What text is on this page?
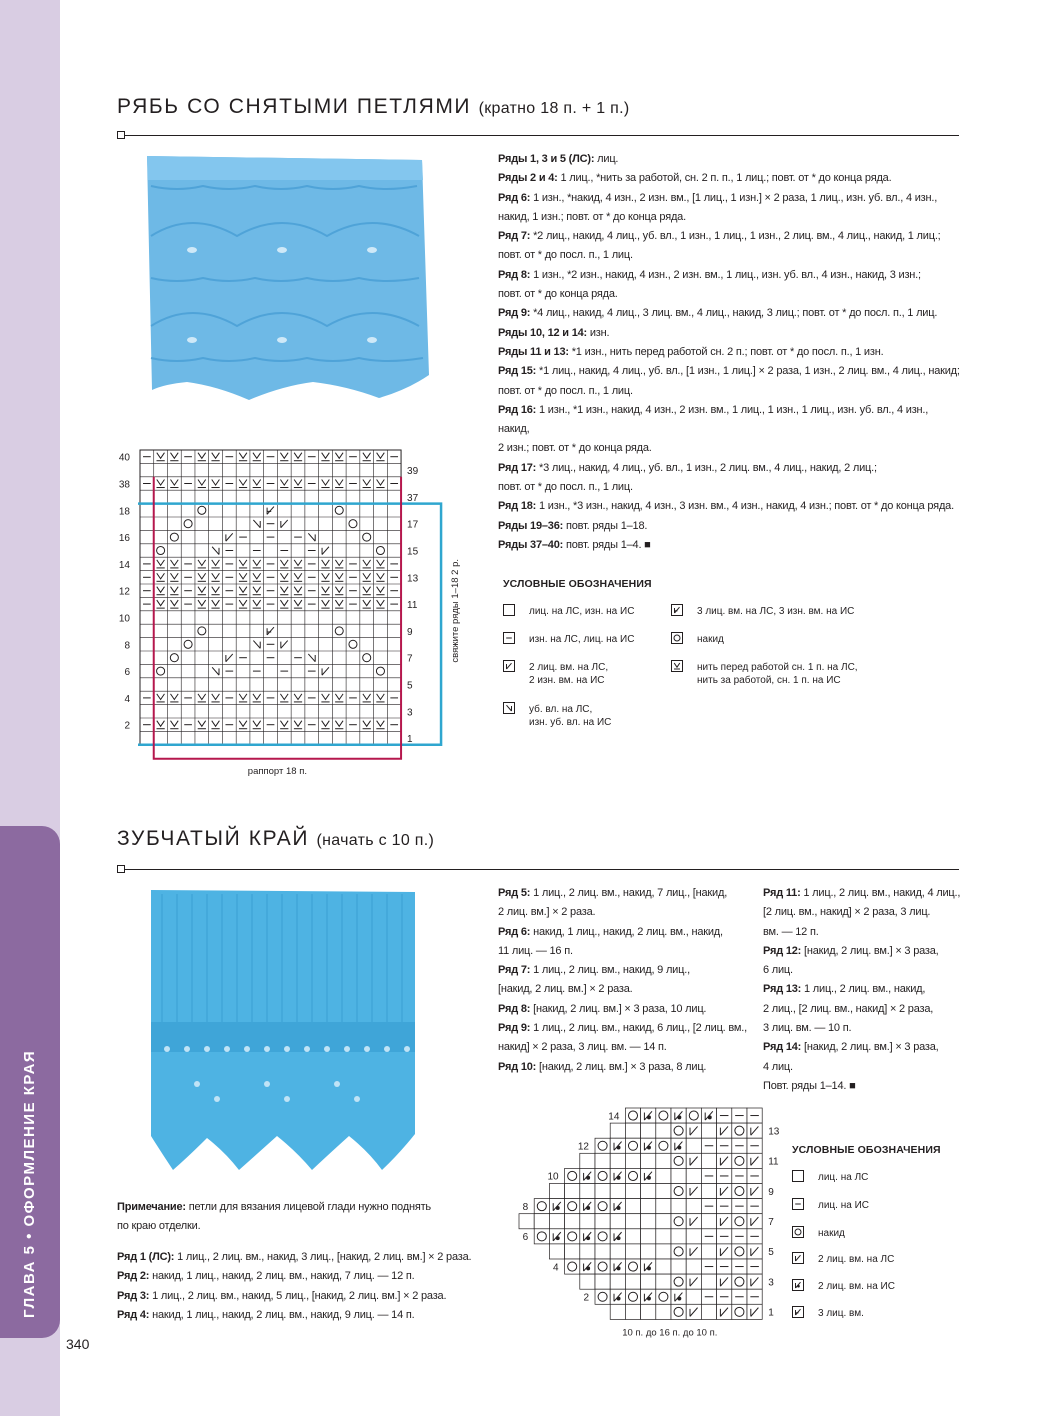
ГЛАВА 5 • ОФОРМЛЕНИЕ КРАЯ
340
РЯБЬ СО СНЯТЫМИ ПЕТЛЯМИ (кратно 18 п. + 1 п.)

Ряды 1, 3 и 5 (ЛС): лиц.

Ряды 2 и 4: 1 лиц., *нить за работой, сн. 2 п. п., 1 лиц.; повт. от * до конца ряда.

Ряд 6: 1 изн., *накид, 4 изн., 2 изн. вм., [1 лиц., 1 изн.] × 2 раза, 1 лиц., изн. уб. вл., 4 изн.,

накид, 1 изн.; повт. от * до конца ряда.

Ряд 7: *2 лиц., накид, 4 лиц., уб. вл., 1 изн., 1 лиц., 1 изн., 2 лиц. вм., 4 лиц., накид, 1 лиц.;

повт. от * до посл. п., 1 лиц.

Ряд 8: 1 изн., *2 изн., накид, 4 изн., 2 изн. вм., 1 лиц., изн. уб. вл., 4 изн., накид, 3 изн.;

повт. от * до конца ряда.

Ряд 9: *4 лиц., накид, 4 лиц., 3 лиц. вм., 4 лиц., накид, 3 лиц.; повт. от * до посл. п., 1 лиц.

Ряды 10, 12 и 14: изн.

Ряды 11 и 13: *1 изн., нить перед работой сн. 2 п.; повт. от * до посл. п., 1 изн.

Ряд 15: *1 лиц., накид, 4 лиц., уб. вл., [1 изн., 1 лиц.] × 2 раза, 1 изн., 2 лиц. вм., 4 лиц., накид;

повт. от * до посл. п., 1 лиц.

Ряд 16: 1 изн., *1 изн., накид, 4 изн., 2 изн. вм., 1 лиц., 1 изн., 1 лиц., изн. уб. вл., 4 изн., накид,

2 изн.; повт. от * до конца ряда.

Ряд 17: *3 лиц., накид, 4 лиц., уб. вл., 1 изн., 2 лиц. вм., 4 лиц., накид, 2 лиц.;

повт. от * до посл. п., 1 лиц.

Ряд 18: 1 изн., *3 изн., накид, 4 изн., 3 изн. вм., 4 изн., накид, 4 изн.; повт. от * до конца ряда.

Ряды 19–36: повт. ряды 1–18.

Ряды 37–40: повт. ряды 1–4. ■

40
38
18
16
14
12
10
8
6
4
2
39
37
17
15
13
11
9
7
5
3
1
раппорт 18 п.
свяжите ряды 1–18 2 р.	УСЛОВНЫЕ ОБОЗНАЧЕНИЯ
лиц. на ЛС, изн. на ИС
изн. на ЛС, лиц. на ИС
2 лиц. вм. на ЛС,
2 изн. вм. на ИС
уб. вл. на ЛС,
изн. уб. вл. на ИС
3 лиц. вм. на ЛС, 3 изн. вм. на ИС
накид
нить перед работой сн. 1 п. на ЛС,
нить за работой, сн. 1 п. на ИС
ЗУБЧАТЫЙ КРАЙ (начать с 10 п.)

Примечание: петли для вязания лицевой глади нужно поднять

по краю отделки.

Ряд 1 (ЛС): 1 лиц., 2 лиц. вм., накид, 3 лиц., [накид, 2 лиц. вм.] × 2 раза.

Ряд 2: накид, 1 лиц., накид, 2 лиц. вм., накид, 7 лиц. — 12 п.

Ряд 3: 1 лиц., 2 лиц. вм., накид, 5 лиц., [накид, 2 лиц. вм.] × 2 раза.

Ряд 4: накид, 1 лиц., накид, 2 лиц. вм., накид, 9 лиц. — 14 п.

Ряд 5: 1 лиц., 2 лиц. вм., накид, 7 лиц., [накид,

2 лиц. вм.] × 2 раза.

Ряд 6: накид, 1 лиц., накид, 2 лиц. вм., накид,

11 лиц. — 16 п.

Ряд 7: 1 лиц., 2 лиц. вм., накид, 9 лиц.,

[накид, 2 лиц. вм.] × 2 раза.

Ряд 8: [накид, 2 лиц. вм.] × 3 раза, 10 лиц.

Ряд 9: 1 лиц., 2 лиц. вм., накид, 6 лиц., [2 лиц. вм.,

накид] × 2 раза, 3 лиц. вм. — 14 п.

Ряд 10: [накид, 2 лиц. вм.] × 3 раза, 8 лиц.

Ряд 11: 1 лиц., 2 лиц. вм., накид, 4 лиц.,

[2 лиц. вм., накид] × 2 раза, 3 лиц.

вм. — 12 п.

Ряд 12: [накид, 2 лиц. вм.] × 3 раза,

6 лиц.

Ряд 13: 1 лиц., 2 лиц. вм., накид,

2 лиц., [2 лиц. вм., накид] × 2 раза,

3 лиц. вм. — 10 п.

Ряд 14: [накид, 2 лиц. вм.] × 3 раза,

4 лиц.

Повт. ряды 1–14. ■

14
12
10
8
6
4
2
13
11
9
7
5
3
1
10 п. до 16 п. до 10 п.
УСЛОВНЫЕ ОБОЗНАЧЕНИЯ
лиц. на ЛС
лиц. на ИС
накид
2 лиц. вм. на ЛС
2 лиц. вм. на ИС
3 лиц. вм.
